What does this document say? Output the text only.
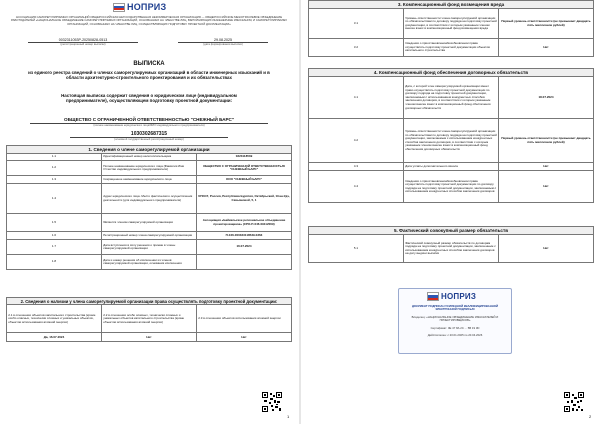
НОПРИЗ
АССОЦИАЦИЯ САМОРЕГУЛИРУЕМЫХ ОРГАНИЗАЦИЙ ОБЩЕРОССИЙСКАЯ НЕГОСУДАРСТВЕННАЯ НЕКОММЕРЧЕСКАЯ ОРГАНИЗАЦИЯ — ОБЩЕРОССИЙСКОЕ МЕЖОТРАСЛЕВОЕ ОБЪЕДИНЕНИЕ РАБОТОДАТЕЛЕЙ «НАЦИОНАЛЬНОЕ ОБЪЕДИНЕНИЕ САМОРЕГУЛИРУЕМЫХ ОРГАНИЗАЦИЙ, ОСНОВАННЫХ НА ЧЛЕНСТВЕ ЛИЦ, ВЫПОЛНЯЮЩИХ ИНЖЕНЕРНЫЕ ИЗЫСКАНИЯ, И САМОРЕГУЛИРУЕМЫХ ОРГАНИЗАЦИЙ, ОСНОВАННЫХ НА ЧЛЕНСТВЕ ЛИЦ, ОСУЩЕСТВЛЯЮЩИХ ПОДГОТОВКУ ПРОЕКТНОЙ ДОКУМЕНТАЦИИ»
0032311053Р-20250828-0513
(регистрационный номер выписки)
29.08.2025
(дата формирования выписки)
ВЫПИСКА
из единого реестра сведений о членах саморегулируемых организаций в области инженерных изысканий и в области архитектурно-строительного проектирования и их обязательствах
Настоящая выписка содержит сведения о юридическом лице (индивидуальном предпринимателе), осуществляющем подготовку проектной документации:
ОБЩЕСТВО С ОГРАНИЧЕННОЙ ОТВЕТСТВЕННОСТЬЮ "СНЕЖНЫЙ БАРС"
(полное наименование юридического лица/ФИО индивидуального предпринимателя)
1030302687315
(основной государственный регистрационный номер)
1. Сведения о члене саморегулируемой организации		
1.1	Идентификационный номер налогоплательщика	0323118539
1.2	Полное наименование юридического лица (Фамилия Имя Отчество индивидуального предпринимателя)	ОБЩЕСТВО С ОГРАНИЧЕННОЙ ОТВЕТСТВЕННОСТЬЮ "СНЕЖНЫЙ БАРС"
1.3	Сокращенное наименование юридического лица	ООО "СНЕЖНЫЙ БАРС"
1.4	Адрес юридического лица. Место фактического осуществления деятельности (для индивидуального предпринимателя)	670047, Россия, Республика Бурятия, Октябрьский, Улан-Удэ, Сахьяновой, 5, 1
1.5	Является членом саморегулируемой организации	Ассоциация «Байкальское региональное объединение проектировщиков» (СРО-П-046-09112009)
1.6	Регистрационный номер члена саморегулируемой организации	П-046-000323118539-0363
1.7	Дата вступления в силу решения о приеме в члены саморегулируемой организации	16.07.2024
1.8	Дата и номер решения об исключении из членов саморегулируемой организации, основания исключения	
2. Сведения о наличии у члена саморегулируемой организации права осуществлять подготовку проектной документации:		
2.1 в отношении объектов капитального строительства (кроме особо опасных, технически сложных и уникальных объектов, объектов использования атомной энергии)	2.2 в отношении особо опасных, технически сложных и уникальных объектов капитального строительства (кроме объектов использования атомной энергии)	2.3 в отношении объектов использования атомной энергии
Да, 16.07.2024	Нет	Нет
1
3. Компенсационный фонд возмещения вреда		
3.1	Уровень ответственности члена саморегулируемой организации по обязательствам по договору подряда на подготовку проектной документации, в соответствии с которым указанным членом внесен взнос в компенсационный фонд возмещения вреда	Первый уровень ответственности (не превышает двадцать пять миллионов рублей)
3.2	Сведения о приостановлении/возобновлении права осуществлять подготовку проектной документации объектов капитального строительства	Нет
4. Компенсационный фонд обеспечения договорных обязательств		
4.1	Дата, с которой член саморегулируемой организации имеет право осуществлять подготовку проектной документации по договору подряда на подготовку проектной документации, заключаемым с использованием конкурентных способов заключения договоров, в соответствии с которым указанным членом внесен взнос в компенсационный фонд обеспечения договорных обязательств	18.07.2024
4.2	Уровень ответственности члена саморегулируемой организации по обязательствам по договору подряда на подготовку проектной документации, заключаемым с использованием конкурентных способов заключения договоров, в соответствии с которым указанным членом внесен взнос в компенсационный фонд обеспечения договорных обязательств	Первый уровень ответственности (не превышает двадцать пять миллионов рублей)
4.3	Дата уплаты дополнительного взноса	Нет
4.4	Сведения о приостановлении/возобновлении права осуществлять подготовку проектной документации по договору подряда на подготовку проектной документации, заключаемым с использованием конкурентных способов заключения договоров	Нет
5. Фактический совокупный размер обязательств
5.1	Фактический совокупный размер обязательств по договорам подряда на подготовку проектной документации, заключенным с использованием конкурентных способов заключения договоров на дату выдачи выписки	Нет
НОПРИЗ
ДОКУМЕНТ ПОДПИСАН УСИЛЕННОЙ КВАЛИФИЦИРОВАННОЙ ЭЛЕКТРОННОЙ ПОДПИСЬЮ
Владелец: «НАЦИОНАЛЬНОЕ ОБЪЕДИНЕНИЕ ИЗЫСКАТЕЛЕЙ И ПРОЕКТИРОВЩИКОВ»
Сертификат: 0Е 47 8А 2С ... 5B 19 3D
Действителен: с 20.01.2025 по 20.04.2026
2
